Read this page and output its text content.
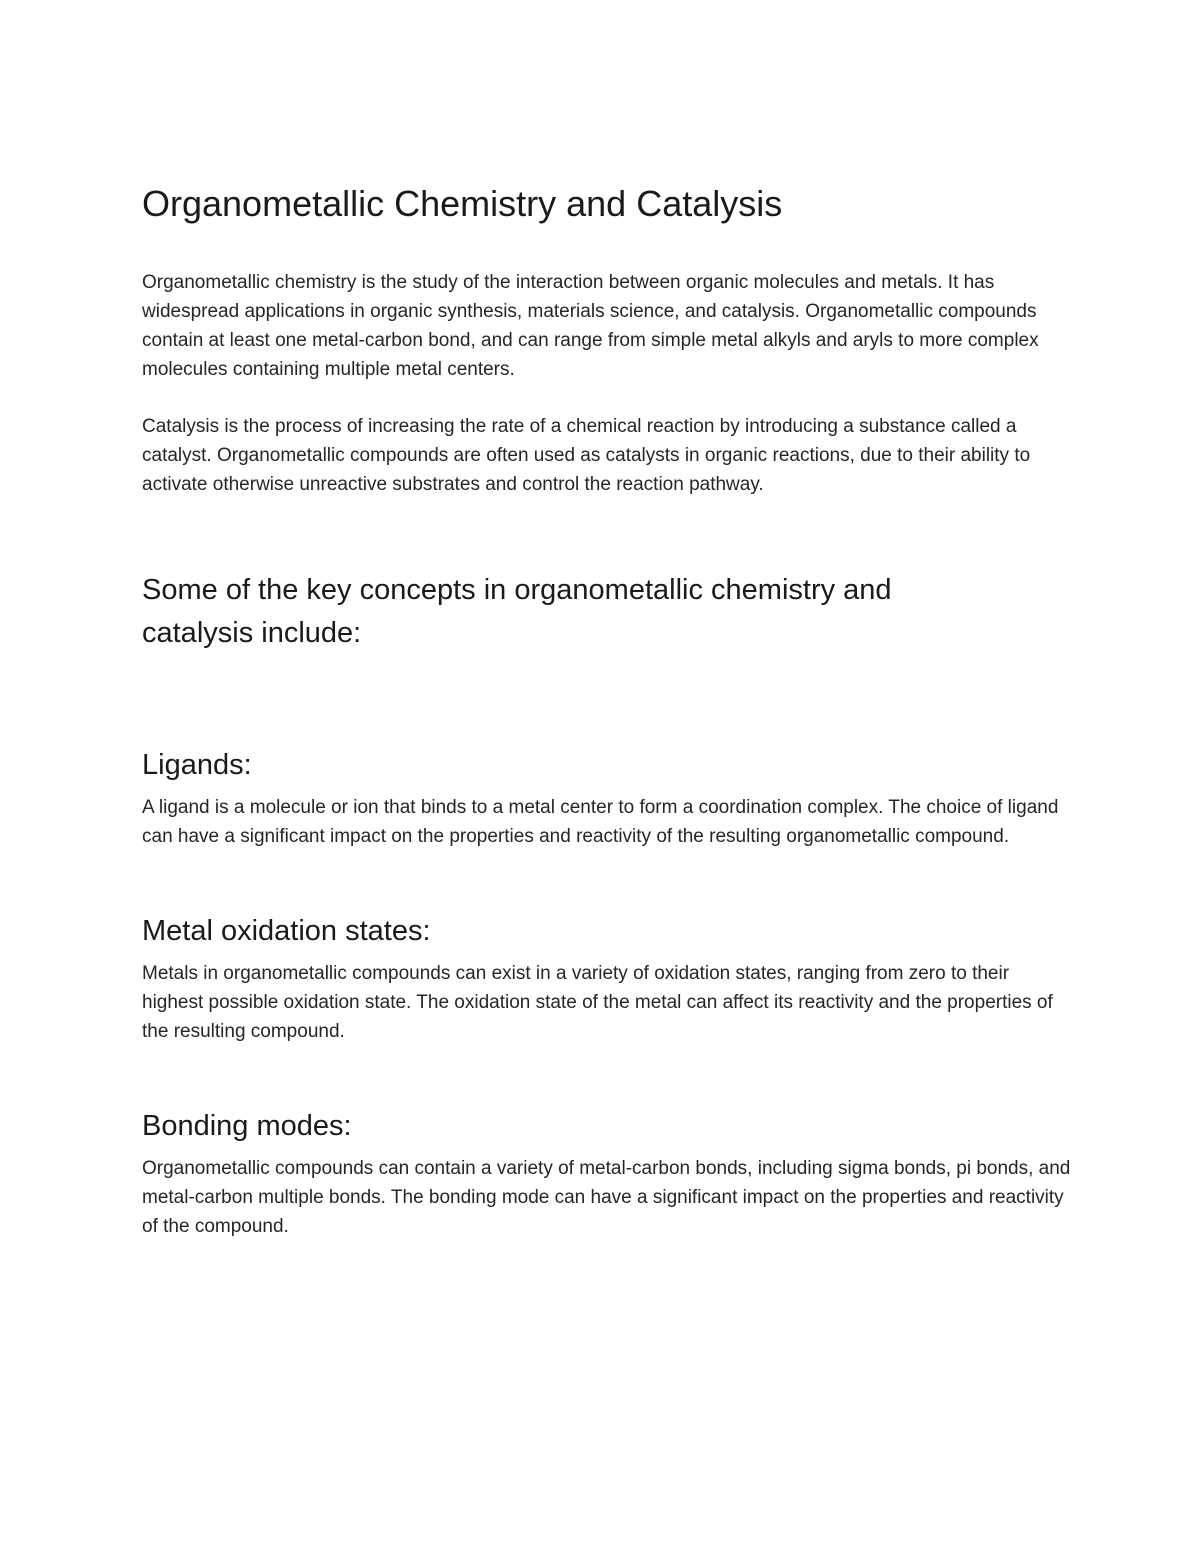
Organometallic Chemistry and Catalysis

Organometallic chemistry is the study of the interaction between organic molecules and metals. It has widespread applications in organic synthesis, materials science, and catalysis. Organometallic compounds contain at least one metal-carbon bond, and can range from simple metal alkyls and aryls to more complex molecules containing multiple metal centers.

Catalysis is the process of increasing the rate of a chemical reaction by introducing a substance called a catalyst. Organometallic compounds are often used as catalysts in organic reactions, due to their ability to activate otherwise unreactive substrates and control the reaction pathway.

Some of the key concepts in organometallic chemistry and catalysis include:
Ligands:

A ligand is a molecule or ion that binds to a metal center to form a coordination complex. The choice of ligand can have a significant impact on the properties and reactivity of the resulting organometallic compound.

Metal oxidation states:

Metals in organometallic compounds can exist in a variety of oxidation states, ranging from zero to their highest possible oxidation state. The oxidation state of the metal can affect its reactivity and the properties of the resulting compound.

Bonding modes:

Organometallic compounds can contain a variety of metal-carbon bonds, including sigma bonds, pi bonds, and metal-carbon multiple bonds. The bonding mode can have a significant impact on the properties and reactivity of the compound.
